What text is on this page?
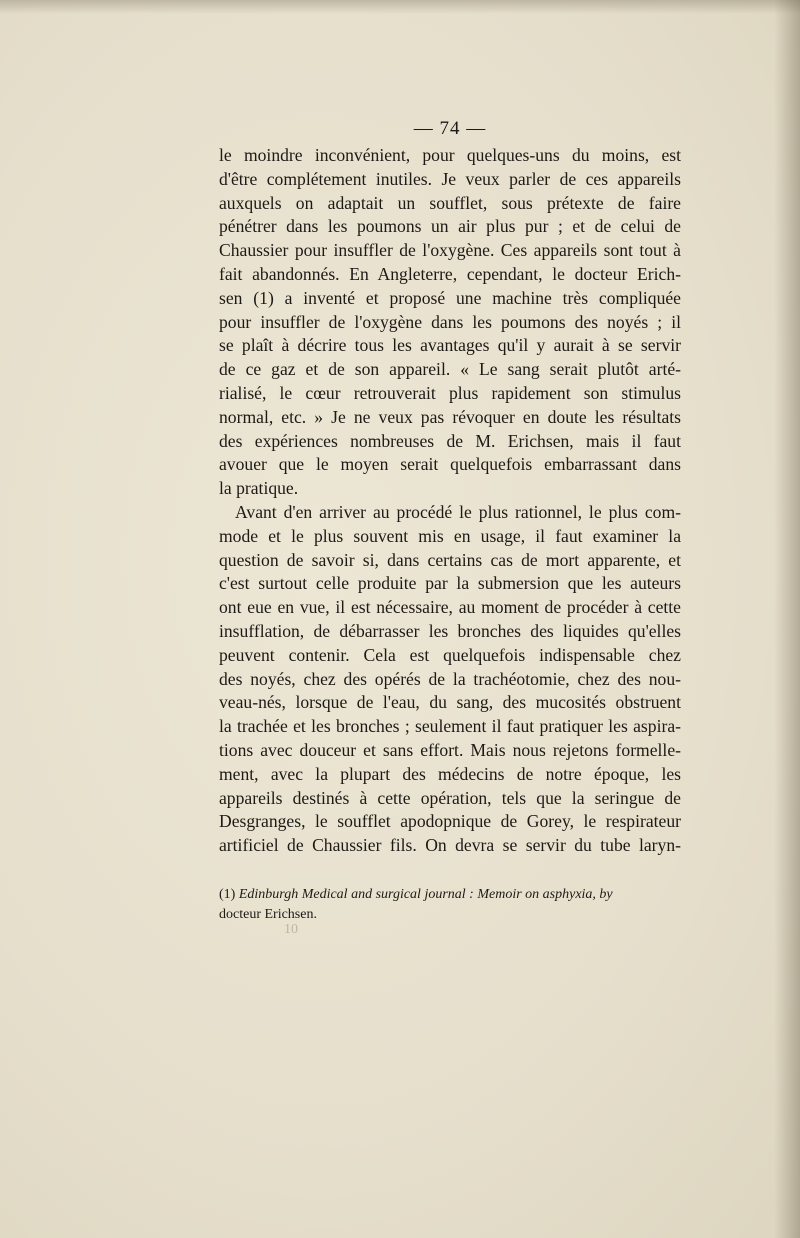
— 74 —
le moindre inconvénient, pour quelques-uns du moins, est
d'être complétement inutiles. Je veux parler de ces appareils
auxquels on adaptait un soufflet, sous prétexte de faire
pénétrer dans les poumons un air plus pur ; et de celui de
Chaussier pour insuffler de l'oxygène. Ces appareils sont tout à
fait abandonnés. En Angleterre, cependant, le docteur Erich-
sen (1) a inventé et proposé une machine très compliquée
pour insuffler de l'oxygène dans les poumons des noyés ; il
se plaît à décrire tous les avantages qu'il y aurait à se servir
de ce gaz et de son appareil. « Le sang serait plutôt arté-
rialisé, le cœur retrouverait plus rapidement son stimulus
normal, etc. » Je ne veux pas révoquer en doute les résultats
des expériences nombreuses de M. Erichsen, mais il faut
avouer que le moyen serait quelquefois embarrassant dans
la pratique.
Avant d'en arriver au procédé le plus rationnel, le plus com-
mode et le plus souvent mis en usage, il faut examiner la
question de savoir si, dans certains cas de mort apparente, et
c'est surtout celle produite par la submersion que les auteurs
ont eue en vue, il est nécessaire, au moment de procéder à cette
insufflation, de débarrasser les bronches des liquides qu'elles
peuvent contenir. Cela est quelquefois indispensable chez
des noyés, chez des opérés de la trachéotomie, chez des nou-
veau-nés, lorsque de l'eau, du sang, des mucosités obstruent
la trachée et les bronches ; seulement il faut pratiquer les aspira-
tions avec douceur et sans effort. Mais nous rejetons formelle-
ment, avec la plupart des médecins de notre époque, les
appareils destinés à cette opération, tels que la seringue de
Desgranges, le soufflet apodopnique de Gorey, le respirateur
artificiel de Chaussier fils. On devra se servir du tube laryn-
(1) Edinburgh Medical and surgical journal : Memoir on asphyxia, by
docteur Erichsen.
10
